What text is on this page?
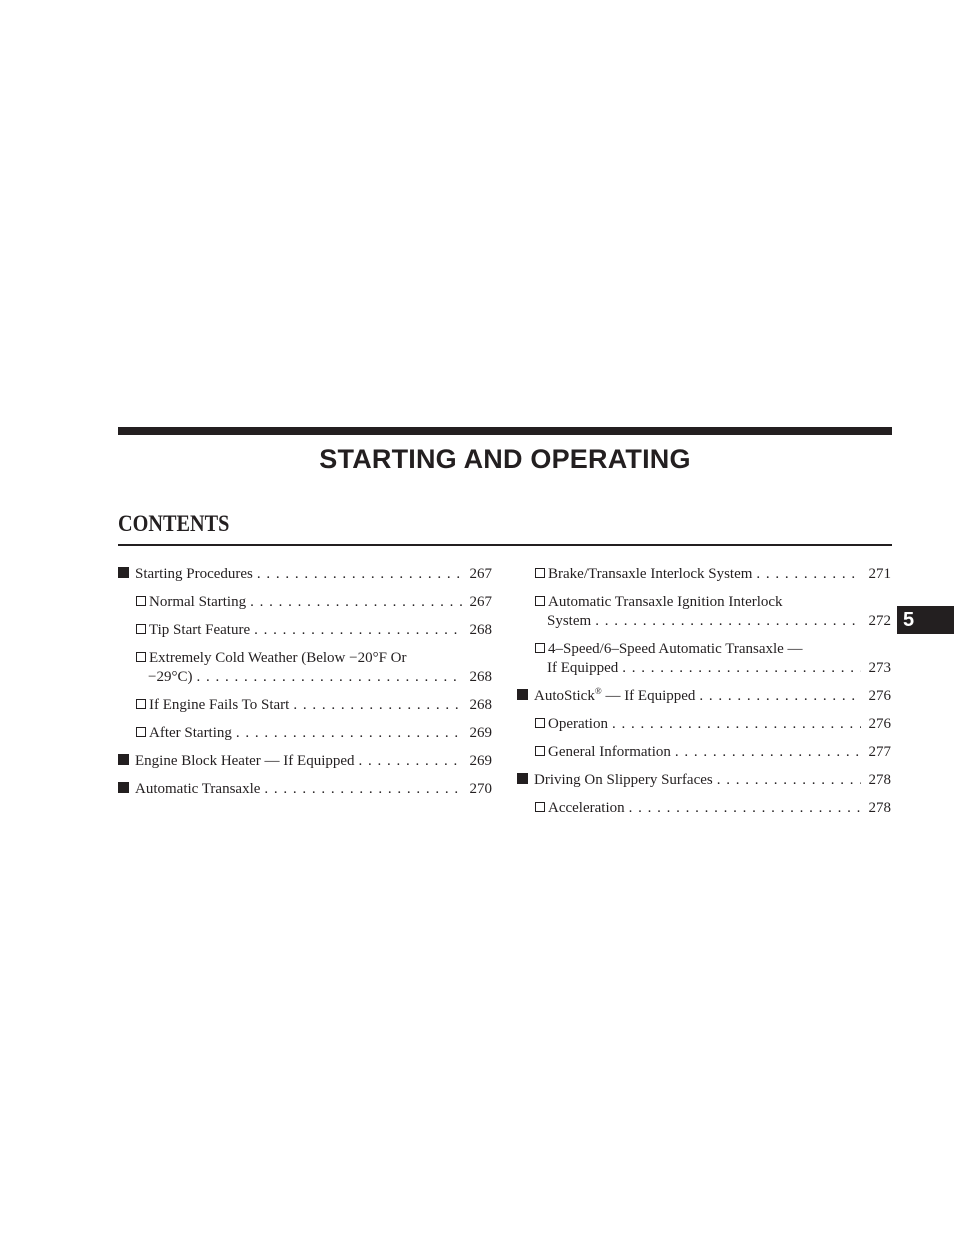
STARTING AND OPERATING
CONTENTS
Starting Procedures . . .	267
Normal Starting . . .	267
Tip Start Feature . . .	268
Extremely Cold Weather (Below −20°F Or
−29°C) . . .	268
If Engine Fails To Start . . .	268
After Starting . . .	269
Engine Block Heater — If Equipped . . .	269
Automatic Transaxle . . .	270
Brake/Transaxle Interlock System . . .	271
Automatic Transaxle Ignition Interlock
System . . .	272
4–Speed/6–Speed Automatic Transaxle —
If Equipped . . .	273
AutoStick® — If Equipped . . .	276
Operation . . .	276
General Information . . .	277
Driving On Slippery Surfaces . . .	278
Acceleration . . .	278
5
